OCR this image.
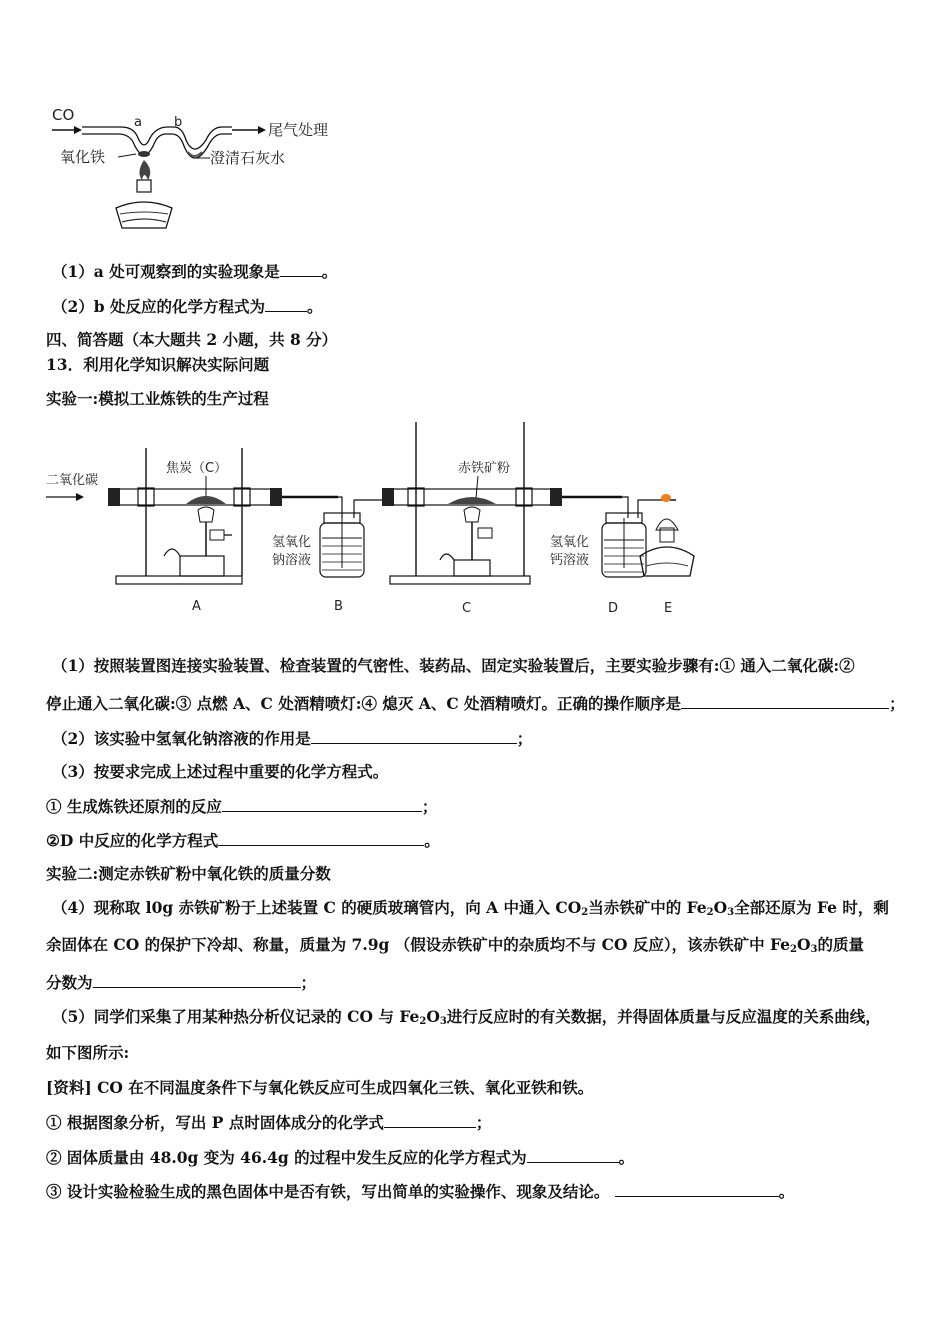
CO
尾气处理
a b
氧化铁	澄清石灰水
（1）a 处可观察到的实验现象是	。
（2）b 处反应的化学方程式为	。
四、简答题（本大题共 2 小题，共 8 分）
13．利用化学知识解决实际问题
实验一:模拟工业炼铁的生产过程
二氧化碳
焦炭（C）
A
氢氧化
钠溶液
B
赤铁矿粉
C
氢氧化
钙溶液
D	E
（1）按照装置图连接实验装置、检查装置的气密性、装药品、固定实验装置后，主要实验步骤有:① 通入二氧化碳:②
停止通入二氧化碳:③ 点燃 A、C 处酒精喷灯:④ 熄灭 A、C 处酒精喷灯。正确的操作顺序是	；
（2）该实验中氢氧化钠溶液的作用是	；
（3）按要求完成上述过程中重要的化学方程式。
① 生成炼铁还原剂的反应	；
②D 中反应的化学方程式	。
实验二:测定赤铁矿粉中氧化铁的质量分数
（4）现称取 l0g 赤铁矿粉于上述装置 C 的硬质玻璃管内，向 A 中通入 $CO_2$当赤铁矿中的 $Fe_2O_3$全部还原为 Fe 时，剩
余固体在 CO 的保护下冷却、称量，质量为 7.9g （假设赤铁矿中的杂质均不与 CO 反应），该赤铁矿中 $Fe_2O_3$的质量
分数为	；
（5）同学们采集了用某种热分析仪记录的 CO 与 $Fe_2O_3$进行反应时的有关数据，并得固体质量与反应温度的关系曲线，
如下图所示:
[资料] CO 在不同温度条件下与氧化铁反应可生成四氧化三铁、氧化亚铁和铁。
① 根据图象分析，写出 P 点时固体成分的化学式	；
② 固体质量由 48.0g 变为 46.4g 的过程中发生反应的化学方程式为	。
③ 设计实验检验生成的黑色固体中是否有铁，写出简单的实验操作、现象及结论。	。
